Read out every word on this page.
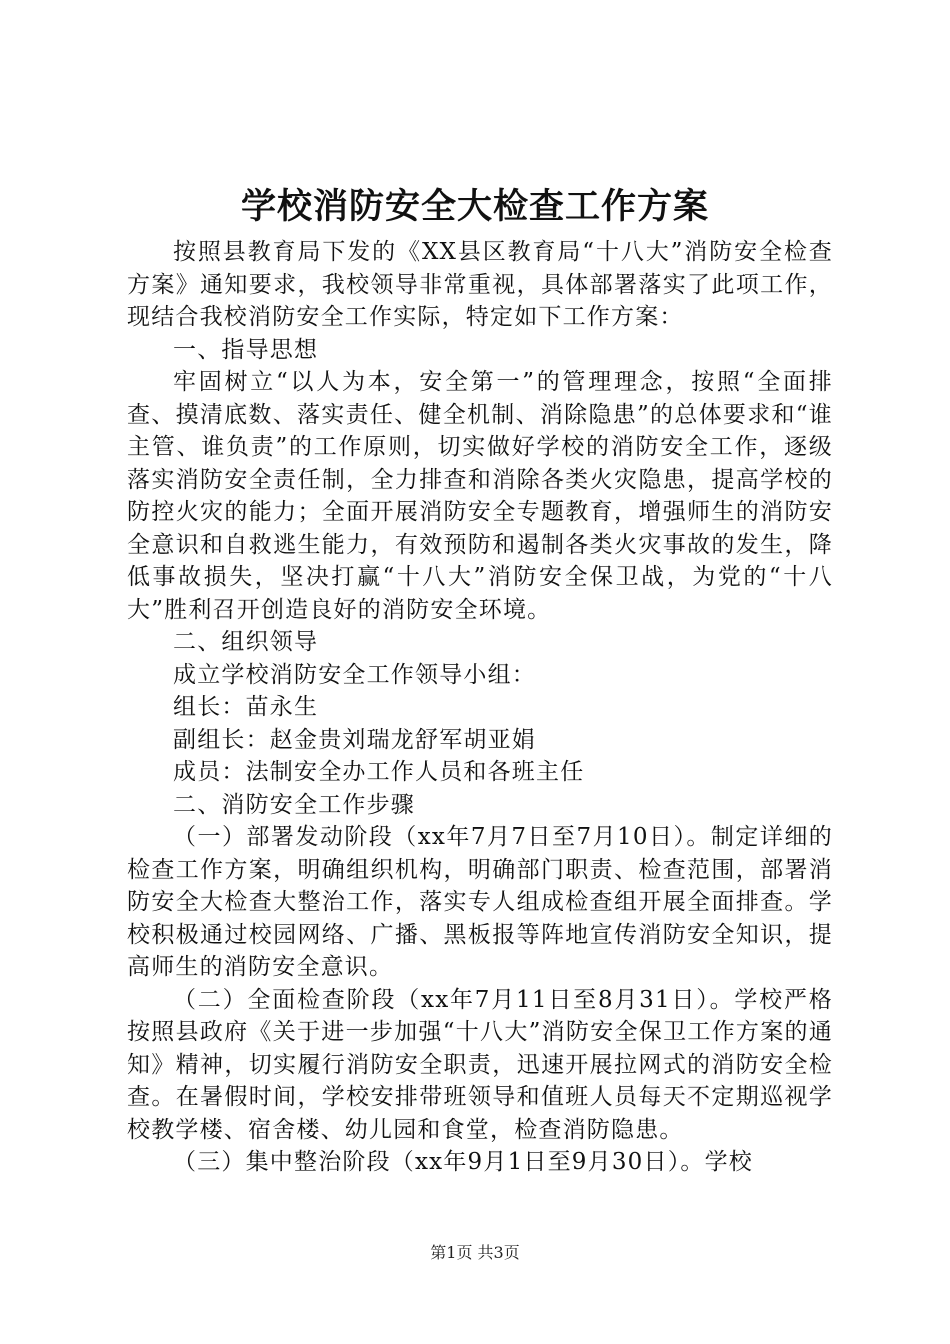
学校消防安全大检查工作方案

按照县教育局下发的《XX县区教育局“十八大”消防安全检查方案》通知要求，我校领导非常重视，具体部署落实了此项工作，现结合我校消防安全工作实际，特定如下工作方案：

一、指导思想

牢固树立“以人为本，安全第一”的管理理念，按照“全面排查、摸清底数、落实责任、健全机制、消除隐患”的总体要求和“谁主管、谁负责”的工作原则，切实做好学校的消防安全工作，逐级落实消防安全责任制，全力排查和消除各类火灾隐患，提高学校的防控火灾的能力；全面开展消防安全专题教育，增强师生的消防安全意识和自救逃生能力，有效预防和遏制各类火灾事故的发生，降低事故损失，坚决打赢“十八大”消防安全保卫战，为党的“十八大”胜利召开创造良好的消防安全环境。

二、组织领导

成立学校消防安全工作领导小组：

组长：苗永生

副组长：赵金贵刘瑞龙舒军胡亚娟

成员：法制安全办工作人员和各班主任

二、消防安全工作步骤

（一）部署发动阶段（xx年7月7日至7月10日）。制定详细的检查工作方案，明确组织机构，明确部门职责、检查范围，部署消防安全大检查大整治工作，落实专人组成检查组开展全面排查。学校积极通过校园网络、广播、黑板报等阵地宣传消防安全知识，提高师生的消防安全意识。

（二）全面检查阶段（xx年7月11日至8月31日）。学校严格按照县政府《关于进一步加强“十八大”消防安全保卫工作方案的通知》精神，切实履行消防安全职责，迅速开展拉网式的消防安全检查。在暑假时间，学校安排带班领导和值班人员每天不定期巡视学校教学楼、宿舍楼、幼儿园和食堂，检查消防隐患。

（三）集中整治阶段（xx年9月1日至9月30日）。学校

第1页 共3页
